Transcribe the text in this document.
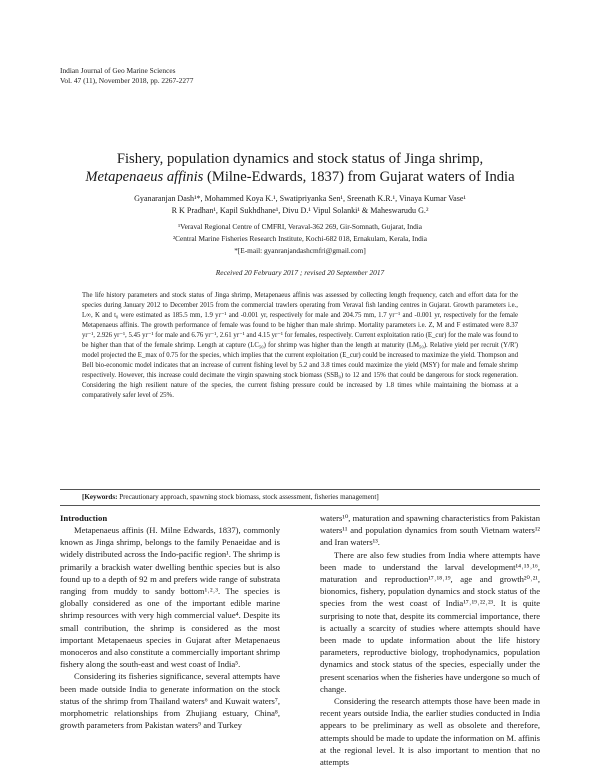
Indian Journal of Geo Marine Sciences
Vol. 47 (11), November 2018, pp. 2267-2277
Fishery, population dynamics and stock status of Jinga shrimp,
Metapenaeus affinis (Milne-Edwards, 1837) from Gujarat waters of India
Gyanaranjan Dash¹*, Mohammed Koya K.¹, Swatipriyanka Sen¹, Sreenath K.R.¹, Vinaya Kumar Vase¹
R K Pradhan¹, Kapil Sukhdhane¹, Divu D.¹ Vipul Solanki¹ & Maheswarudu G.²
¹Veraval Regional Centre of CMFRI, Veraval-362 269, Gir-Somnath, Gujarat, India
²Central Marine Fisheries Research Institute, Kochi-682 018, Ernakulam, Kerala, India
*[E-mail: gyanranjandashcmfri@gmail.com]
Received 20 February 2017 ; revised 20 September 2017
The life history parameters and stock status of Jinga shrimp, Metapenaeus affinis was assessed by collecting length frequency, catch and effort data for the species during January 2012 to December 2015 from the commercial trawlers operating from Veraval fish landing centres in Gujarat. Growth parameters i.e., L∞, K and t₀ were estimated as 185.5 mm, 1.9 yr⁻¹ and -0.001 yr, respectively for male and 204.75 mm, 1.7 yr⁻¹ and -0.001 yr, respectively for the female Metapenaeus affinis. The growth performance of female was found to be higher than male shrimp. Mortality parameters i.e. Z, M and F estimated were 8.37 yr⁻¹, 2.926 yr⁻¹, 5.45 yr⁻¹ for male and 6.76 yr⁻¹, 2.61 yr⁻¹ and 4.15 yr⁻¹ for females, respectively. Current exploitation ratio (E_cur) for the male was found to be higher than that of the female shrimp. Length at capture (LC₅₀) for shrimp was higher than the length at maturity (LM₅₀). Relative yield per recruit (Y/R') model projected the E_max of 0.75 for the species, which implies that the current exploitation (E_cur) could be increased to maximize the yield. Thompson and Bell bio-economic model indicates that an increase of current fishing level by 5.2 and 3.8 times could maximize the yield (MSY) for male and female shrimp respectively. However, this increase could decimate the virgin spawning stock biomass (SSB₀) to 12 and 15% that could be dangerous for stock regeneration. Considering the high resilient nature of the species, the current fishing pressure could be increased by 1.8 times while maintaining the biomass at a comparatively safer level of 25%.
[Keywords: Precautionary approach, spawning stock biomass, stock assessment, fisheries management]
Introduction

Metapenaeus affinis (H. Milne Edwards, 1837), commonly known as Jinga shrimp, belongs to the family Penaeidae and is widely distributed across the Indo-pacific region¹. The shrimp is primarily a brackish water dwelling benthic species but is also found up to a depth of 92 m and prefers wide range of substrata ranging from muddy to sandy bottom¹˒²˒³. The species is globally considered as one of the important edible marine shrimp resources with very high commercial value⁴. Despite its small contribution, the shrimp is considered as the most important Metapenaeus species in Gujarat after Metapenaeus monoceros and also constitute a commercially important shrimp fishery along the south-east and west coast of India⁵.

Considering its fisheries significance, several attempts have been made outside India to generate information on the stock status of the shrimp from Thailand waters⁶ and Kuwait waters⁷, morphometric relationships from Zhujiang estuary, China⁸, growth parameters from Pakistan waters⁹ and Turkey

waters¹⁰, maturation and spawning characteristics from Pakistan waters¹¹ and population dynamics from south Vietnam waters¹² and Iran waters¹³.

There are also few studies from India where attempts have been made to understand the larval development¹⁴˒¹⁵˒¹⁶, maturation and reproduction¹⁷˒¹⁸˒¹⁹, age and growth²⁰˒²¹, bionomics, fishery, population dynamics and stock status of the species from the west coast of India¹⁷˒¹⁹˒²²˒²³. It is quite surprising to note that, despite its commercial importance, there is actually a scarcity of studies where attempts should have been made to update information about the life history parameters, reproductive biology, trophodynamics, population dynamics and stock status of the species, especially under the present scenarios when the fisheries have undergone so much of change.

Considering the research attempts those have been made in recent years outside India, the earlier studies conducted in India appears to be preliminary as well as obsolete and therefore, attempts should be made to update the information on M. affinis at the regional level. It is also important to mention that no attempts
